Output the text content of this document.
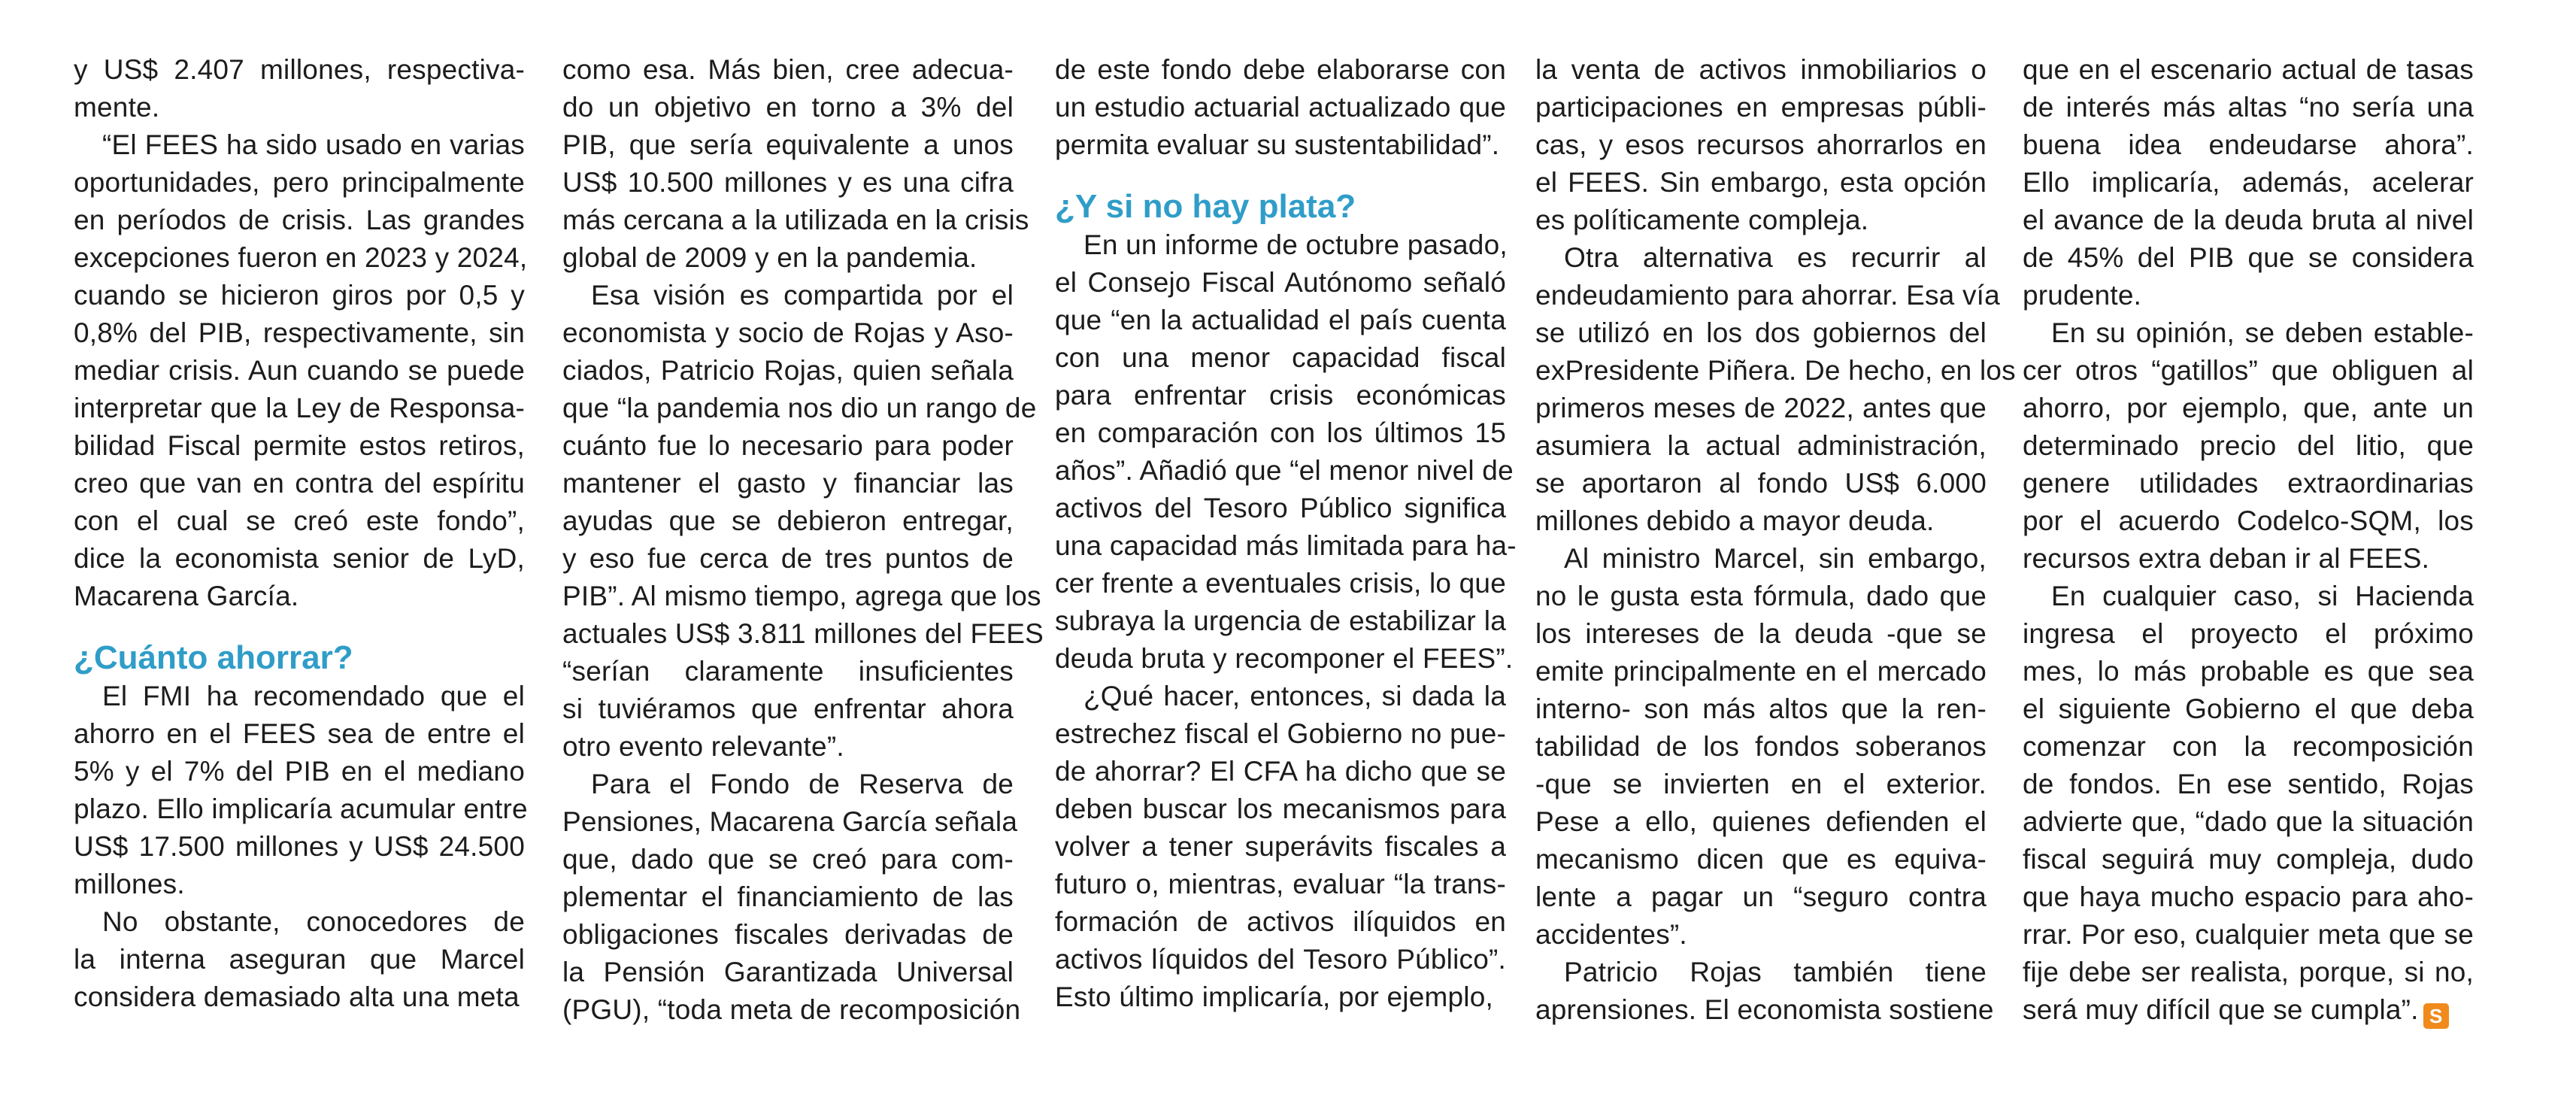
y US$ 2.407 millones, respectiva-
mente.
“El FEES ha sido usado en varias
oportunidades, pero principalmente
en períodos de crisis. Las grandes
excepciones fueron en 2023 y 2024,
cuando se hicieron giros por 0,5 y
0,8% del PIB, respectivamente, sin
mediar crisis. Aun cuando se puede
interpretar que la Ley de Responsa-
bilidad Fiscal permite estos retiros,
creo que van en contra del espíritu
con el cual se creó este fondo”,
dice la economista senior de LyD,
Macarena García.
¿Cuánto ahorrar?
El FMI ha recomendado que el
ahorro en el FEES sea de entre el
5% y el 7% del PIB en el mediano
plazo. Ello implicaría acumular entre
US$ 17.500 millones y US$ 24.500
millones.
No obstante, conocedores de
la interna aseguran que Marcel
considera demasiado alta una meta
como esa. Más bien, cree adecua-
do un objetivo en torno a 3% del
PIB, que sería equivalente a unos
US$ 10.500 millones y es una cifra
más cercana a la utilizada en la crisis
global de 2009 y en la pandemia.
Esa visión es compartida por el
economista y socio de Rojas y Aso-
ciados, Patricio Rojas, quien señala
que “la pandemia nos dio un rango de
cuánto fue lo necesario para poder
mantener el gasto y financiar las
ayudas que se debieron entregar,
y eso fue cerca de tres puntos de
PIB”. Al mismo tiempo, agrega que los
actuales US$ 3.811 millones del FEES
“serían claramente insuficientes
si tuviéramos que enfrentar ahora
otro evento relevante”.
Para el Fondo de Reserva de
Pensiones, Macarena García señala
que, dado que se creó para com-
plementar el financiamiento de las
obligaciones fiscales derivadas de
la Pensión Garantizada Universal
(PGU), “toda meta de recomposición
de este fondo debe elaborarse con
un estudio actuarial actualizado que
permita evaluar su sustentabilidad”.
¿Y si no hay plata?
En un informe de octubre pasado,
el Consejo Fiscal Autónomo señaló
que “en la actualidad el país cuenta
con una menor capacidad fiscal
para enfrentar crisis económicas
en comparación con los últimos 15
años”. Añadió que “el menor nivel de
activos del Tesoro Público significa
una capacidad más limitada para ha-
cer frente a eventuales crisis, lo que
subraya la urgencia de estabilizar la
deuda bruta y recomponer el FEES”.
¿Qué hacer, entonces, si dada la
estrechez fiscal el Gobierno no pue-
de ahorrar? El CFA ha dicho que se
deben buscar los mecanismos para
volver a tener superávits fiscales a
futuro o, mientras, evaluar “la trans-
formación de activos ilíquidos en
activos líquidos del Tesoro Público”.
Esto último implicaría, por ejemplo,
la venta de activos inmobiliarios o
participaciones en empresas públi-
cas, y esos recursos ahorrarlos en
el FEES. Sin embargo, esta opción
es políticamente compleja.
Otra alternativa es recurrir al
endeudamiento para ahorrar. Esa vía
se utilizó en los dos gobiernos del
exPresidente Piñera. De hecho, en los
primeros meses de 2022, antes que
asumiera la actual administración,
se aportaron al fondo US$ 6.000
millones debido a mayor deuda.
Al ministro Marcel, sin embargo,
no le gusta esta fórmula, dado que
los intereses de la deuda -que se
emite principalmente en el mercado
interno- son más altos que la ren-
tabilidad de los fondos soberanos
-que se invierten en el exterior.
Pese a ello, quienes defienden el
mecanismo dicen que es equiva-
lente a pagar un “seguro contra
accidentes”.
Patricio Rojas también tiene
aprensiones. El economista sostiene
que en el escenario actual de tasas
de interés más altas “no sería una
buena idea endeudarse ahora”.
Ello implicaría, además, acelerar
el avance de la deuda bruta al nivel
de 45% del PIB que se considera
prudente.
En su opinión, se deben estable-
cer otros “gatillos” que obliguen al
ahorro, por ejemplo, que, ante un
determinado precio del litio, que
genere utilidades extraordinarias
por el acuerdo Codelco-SQM, los
recursos extra deban ir al FEES.
En cualquier caso, si Hacienda
ingresa el proyecto el próximo
mes, lo más probable es que sea
el siguiente Gobierno el que deba
comenzar con la recomposición
de fondos. En ese sentido, Rojas
advierte que, “dado que la situación
fiscal seguirá muy compleja, dudo
que haya mucho espacio para aho-
rrar. Por eso, cualquier meta que se
fije debe ser realista, porque, si no,
será muy difícil que se cumpla”. S
